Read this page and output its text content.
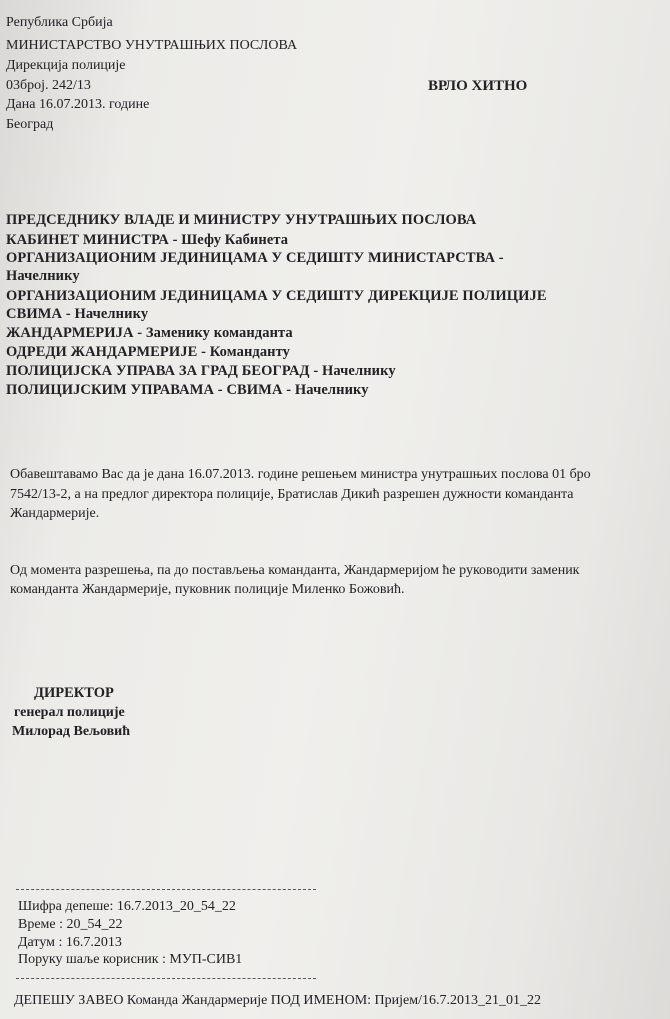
Република Србија
МИНИСТАРСТВО УНУТРАШЊИХ ПОСЛОВА
Дирекција полиције
03број. 242/13
Дана 16.07.2013. године
Београд
ВРЛО ХИТНО
ПРЕДСЕДНИКУ ВЛАДЕ И МИНИСТРУ УНУТРАШЊИХ ПОСЛОВА
КАБИНЕТ МИНИСТРА - Шефу Кабинета
ОРГАНИЗАЦИОНИМ ЈЕДИНИЦАМА У СЕДИШТУ МИНИСТАРСТВА -
Начелнику
ОРГАНИЗАЦИОНИМ ЈЕДИНИЦАМА У СЕДИШТУ ДИРЕКЦИЈЕ ПОЛИЦИЈЕ
СВИМА - Начелнику
ЖАНДАРМЕРИЈА - Заменику команданта
ОДРЕДИ ЖАНДАРМЕРИЈЕ - Команданту
ПОЛИЦИЈСКА УПРАВА ЗА ГРАД БЕОГРАД - Начелнику
ПОЛИЦИЈСКИМ УПРАВАМА - СВИМА - Начелнику
Обавештавамо Вас да је дана 16.07.2013. године решењем министра унутрашњих послова 01 бро
7542/13-2, а на предлог директора полиције, Братислав Дикић разрешен дужности команданта
Жандармерије.
Од момента разрешења, па до постављења команданта, Жандармеријом ће руководити заменик
команданта Жандармерије, пуковник полиције Миленко Божовић.
ДИРЕКТОР
генерал полиције
Милорад Вељовић
Шифра депеше: 16.7.2013_20_54_22
Време : 20_54_22
Датум : 16.7.2013
Поруку шаље корисник : МУП-СИВ1
ДЕПЕШУ ЗАВЕО Команда Жандармерије ПОД ИМЕНОМ: Пријем/16.7.2013_21_01_22
